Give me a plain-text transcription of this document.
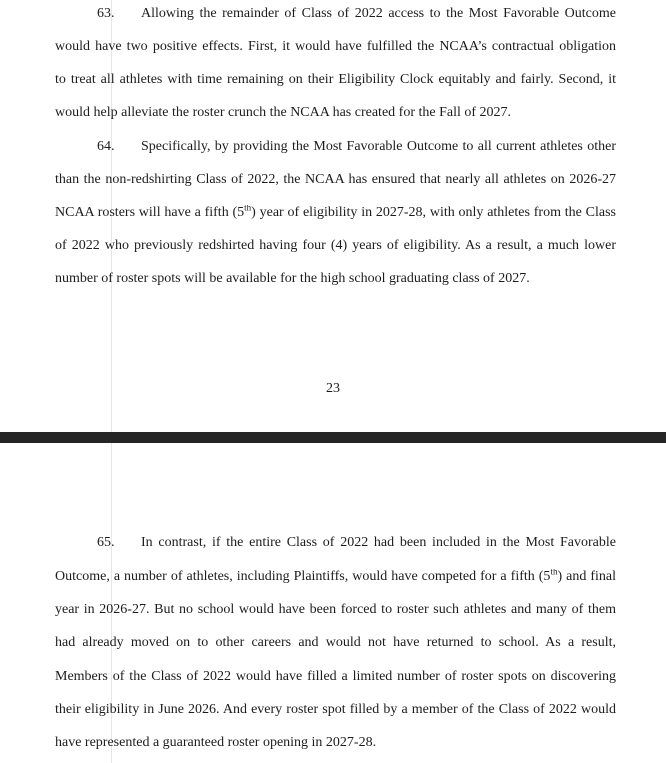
63. Allowing the remainder of Class of 2022 access to the Most Favorable Outcome
would have two positive effects. First, it would have fulfilled the NCAA’s contractual obligation
to treat all athletes with time remaining on their Eligibility Clock equitably and fairly. Second, it
would help alleviate the roster crunch the NCAA has created for the Fall of 2027.
64. Specifically, by providing the Most Favorable Outcome to all current athletes other
than the non-redshirting Class of 2022, the NCAA has ensured that nearly all athletes on 2026-27
NCAA rosters will have a fifth (5th) year of eligibility in 2027-28, with only athletes from the Class
of 2022 who previously redshirted having four (4) years of eligibility. As a result, a much lower
number of roster spots will be available for the high school graduating class of 2027.
23
65. In contrast, if the entire Class of 2022 had been included in the Most Favorable
Outcome, a number of athletes, including Plaintiffs, would have competed for a fifth (5th) and final
year in 2026-27. But no school would have been forced to roster such athletes and many of them
had already moved on to other careers and would not have returned to school. As a result,
Members of the Class of 2022 would have filled a limited number of roster spots on discovering
their eligibility in June 2026. And every roster spot filled by a member of the Class of 2022 would
have represented a guaranteed roster opening in 2027-28.
